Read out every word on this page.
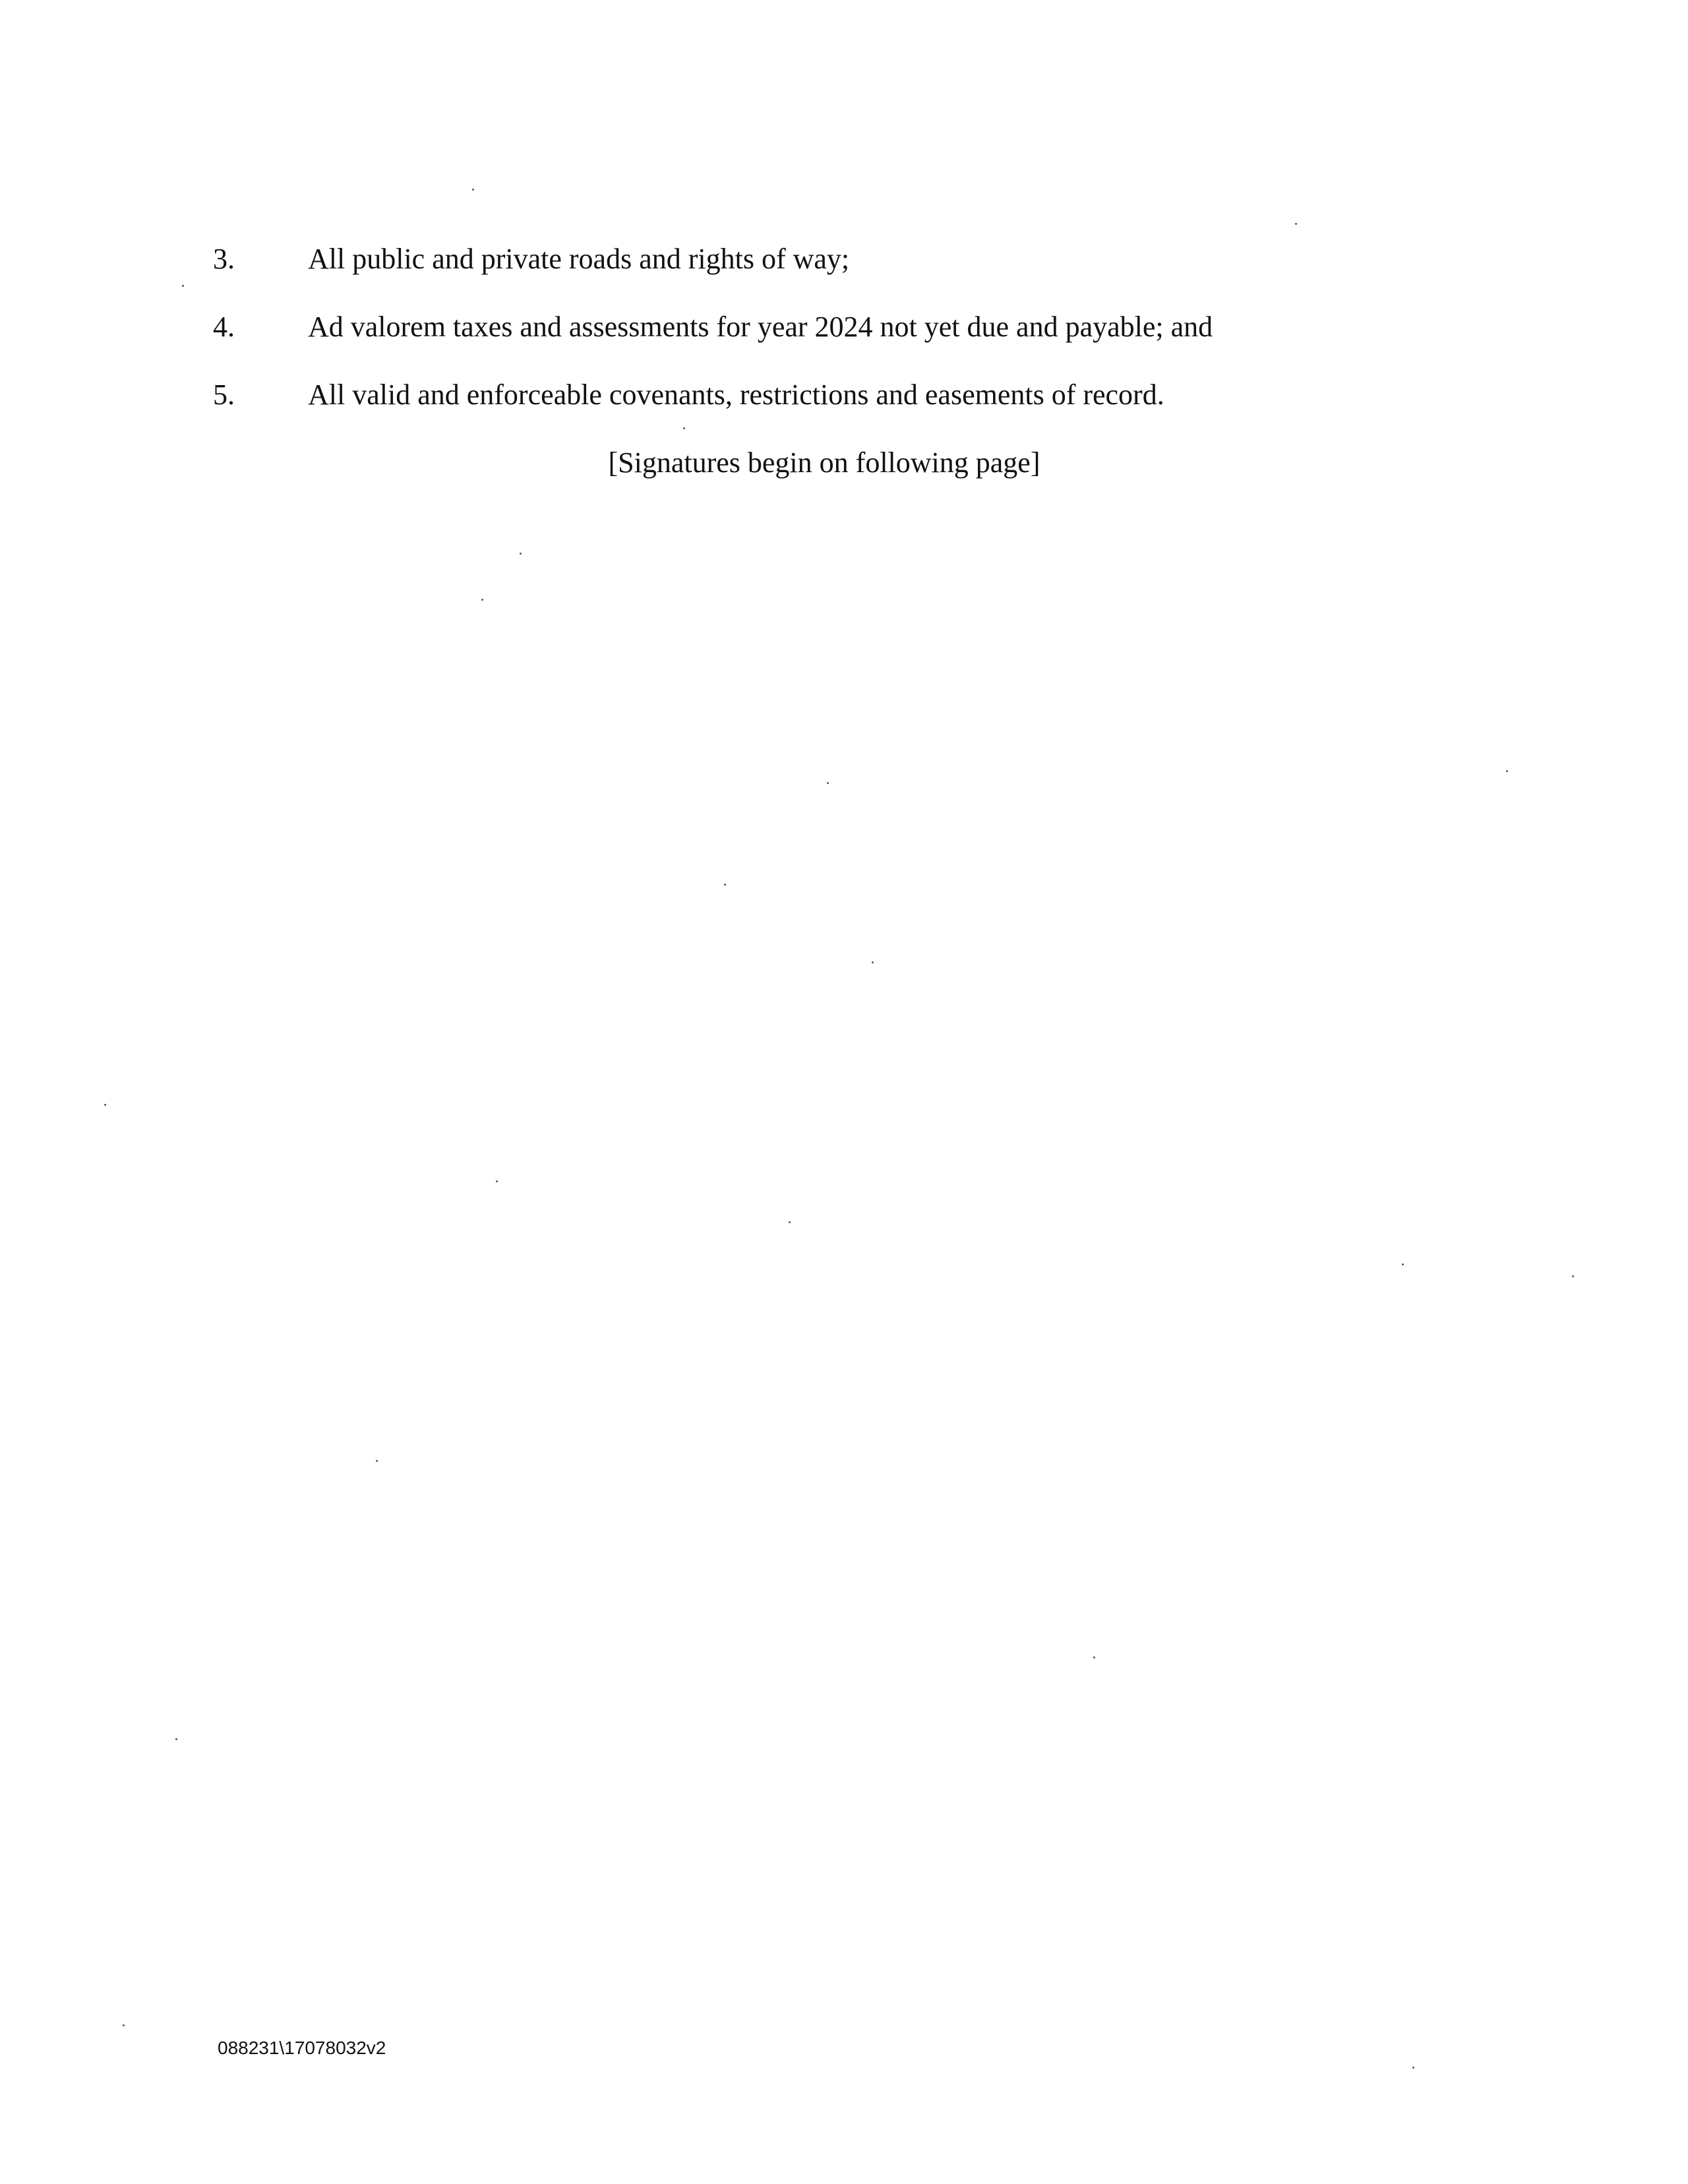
3.	All public and private roads and rights of way;
4.	Ad valorem taxes and assessments for year 2024 not yet due and payable; and
5.	All valid and enforceable covenants, restrictions and easements of record.
[Signatures begin on following page]
088231\17078032v2
